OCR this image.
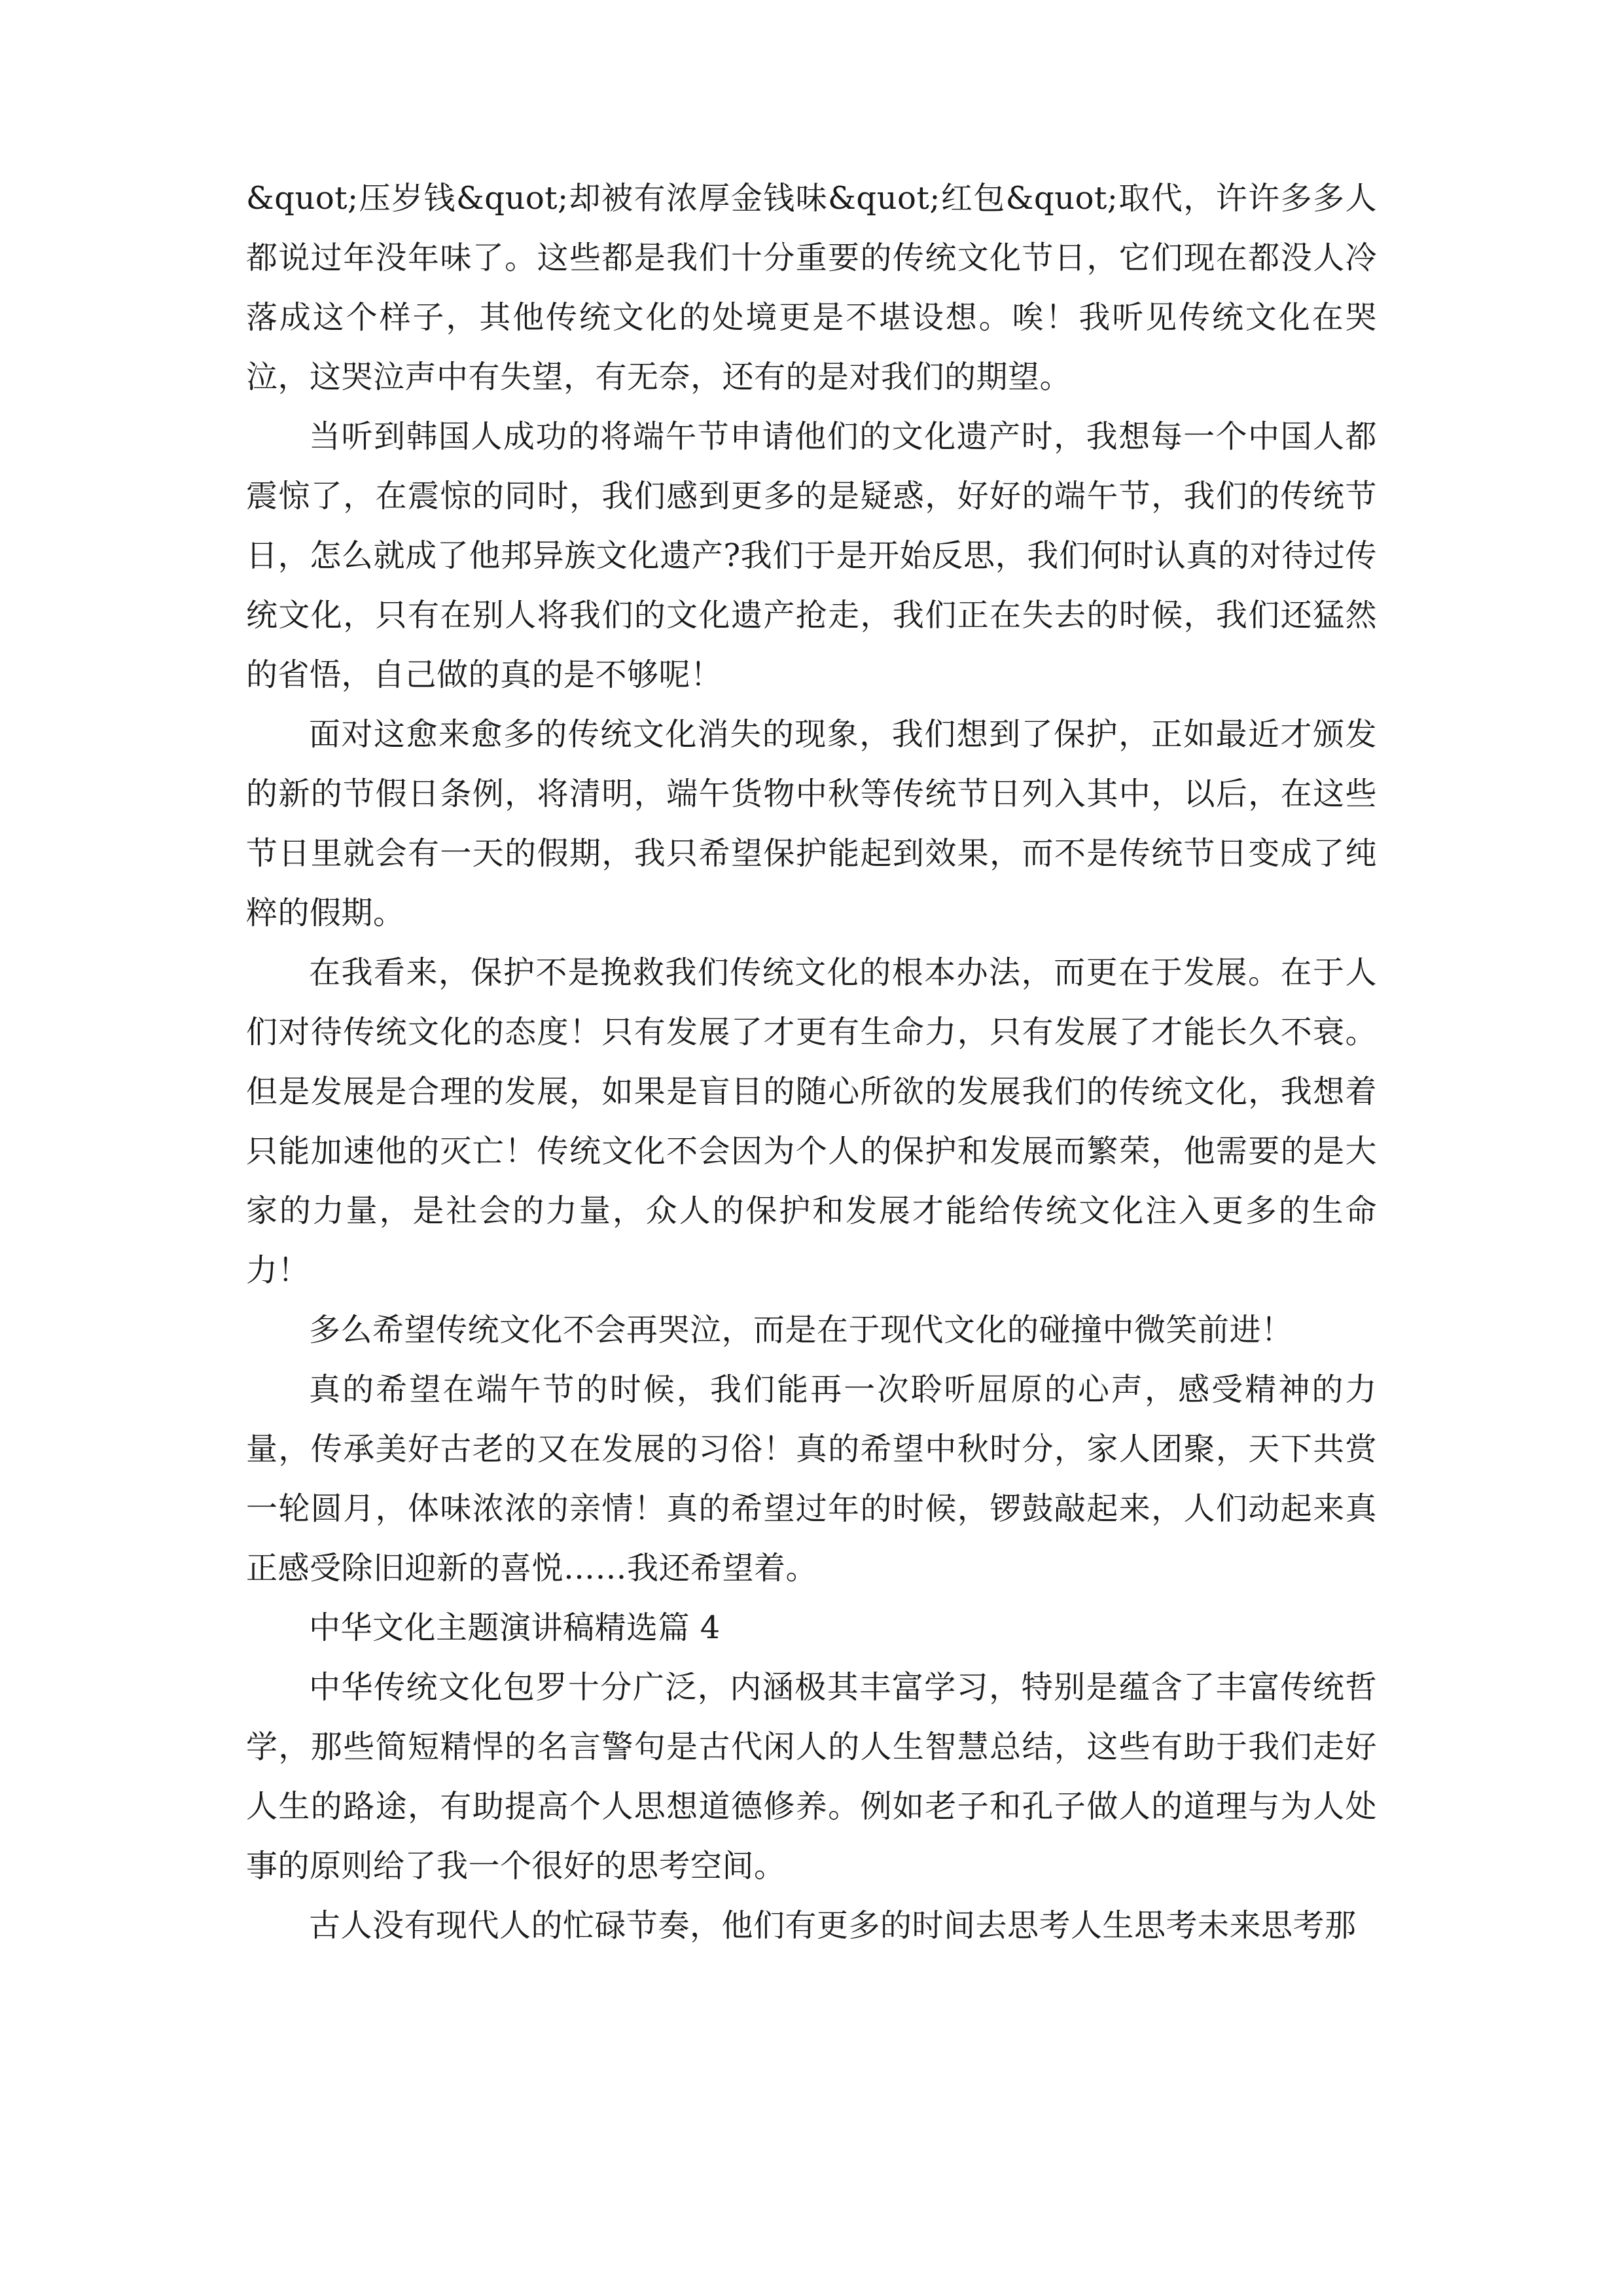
&quot;压岁钱&quot;却被有浓厚金钱味&quot;红包&quot;取代，许许多多人都说过年没年味了。这些都是我们十分重要的传统文化节日，它们现在都没人冷落成这个样子，其他传统文化的处境更是不堪设想。唉！我听见传统文化在哭泣，这哭泣声中有失望，有无奈，还有的是对我们的期望。

当听到韩国人成功的将端午节申请他们的文化遗产时，我想每一个中国人都震惊了，在震惊的同时，我们感到更多的是疑惑，好好的端午节，我们的传统节日，怎么就成了他邦异族文化遗产?我们于是开始反思，我们何时认真的对待过传统文化，只有在别人将我们的文化遗产抢走，我们正在失去的时候，我们还猛然的省悟，自己做的真的是不够呢！

面对这愈来愈多的传统文化消失的现象，我们想到了保护，正如最近才颁发的新的节假日条例，将清明，端午货物中秋等传统节日列入其中，以后，在这些节日里就会有一天的假期，我只希望保护能起到效果，而不是传统节日变成了纯粹的假期。

在我看来，保护不是挽救我们传统文化的根本办法，而更在于发展。在于人们对待传统文化的态度！只有发展了才更有生命力，只有发展了才能长久不衰。但是发展是合理的发展，如果是盲目的随心所欲的发展我们的传统文化，我想着只能加速他的灭亡！传统文化不会因为个人的保护和发展而繁荣，他需要的是大家的力量，是社会的力量，众人的保护和发展才能给传统文化注入更多的生命力！

多么希望传统文化不会再哭泣，而是在于现代文化的碰撞中微笑前进！

真的希望在端午节的时候，我们能再一次聆听屈原的心声，感受精神的力量，传承美好古老的又在发展的习俗！真的希望中秋时分，家人团聚，天下共赏一轮圆月，体味浓浓的亲情！真的希望过年的时候，锣鼓敲起来，人们动起来真正感受除旧迎新的喜悦……我还希望着。

中华文化主题演讲稿精选篇 4

中华传统文化包罗十分广泛，内涵极其丰富学习，特别是蕴含了丰富传统哲学，那些简短精悍的名言警句是古代闲人的人生智慧总结，这些有助于我们走好人生的路途，有助提高个人思想道德修养。例如老子和孔子做人的道理与为人处事的原则给了我一个很好的思考空间。

古人没有现代人的忙碌节奏，他们有更多的时间去思考人生思考未来思考那
